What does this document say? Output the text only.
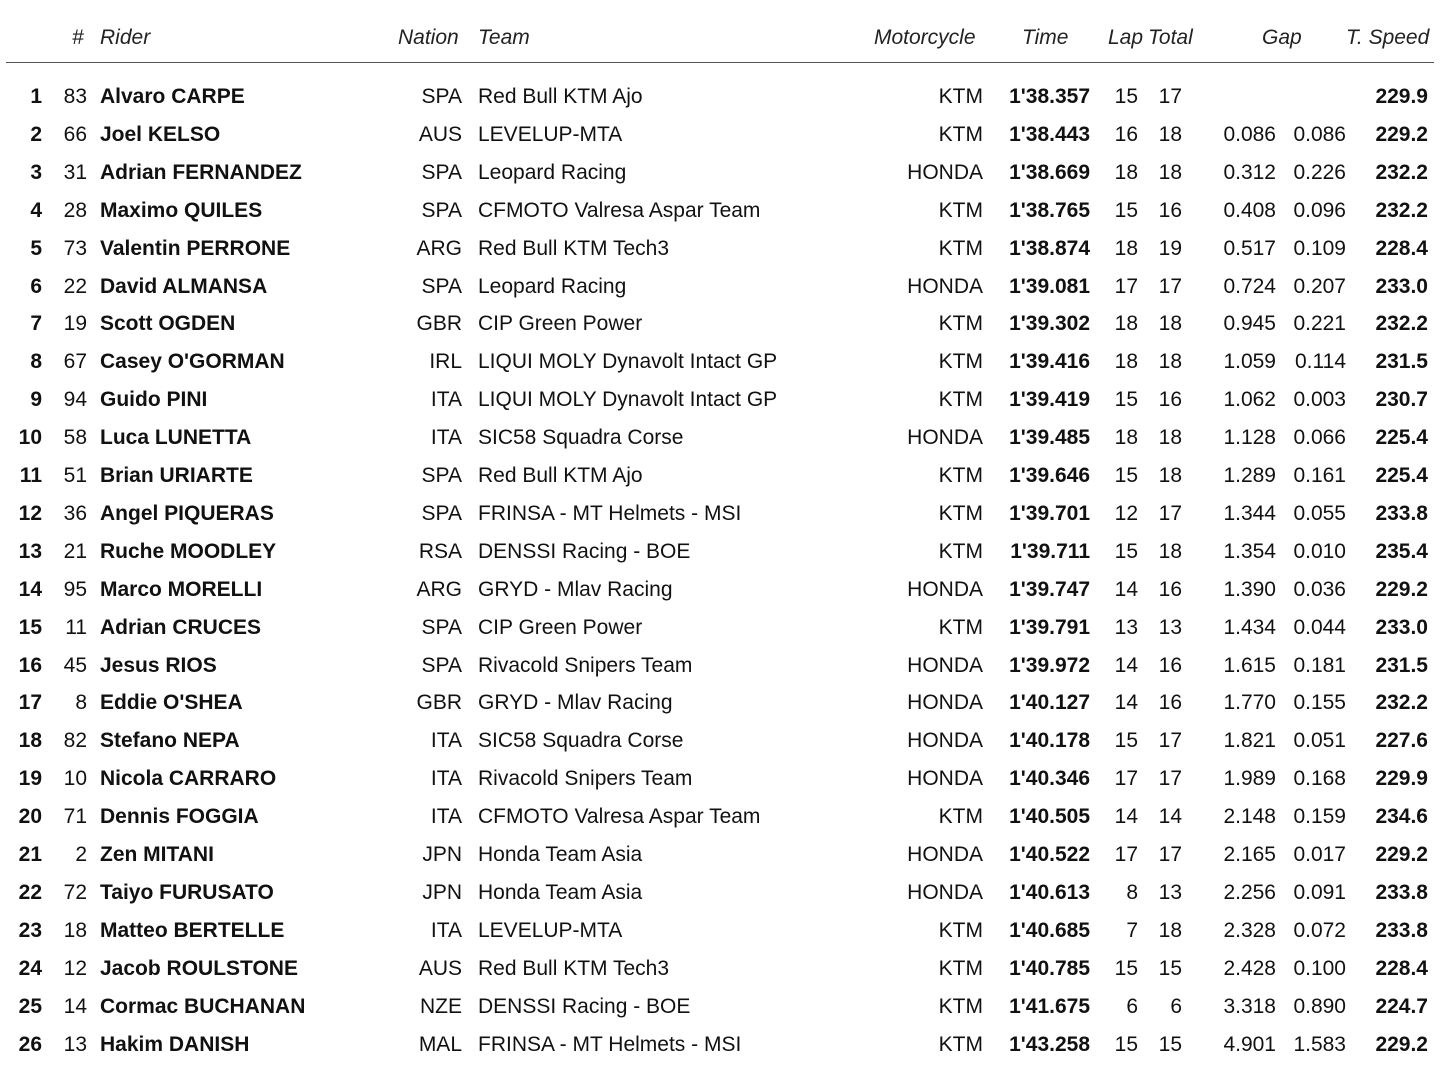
# Rider	Nation Team	Motorcycle Time Lap Total	Gap T. Speed
1 83 Alvaro CARPE	SPA Red Bull KTM Ajo	KTM 1'38.357 15 17	229.9
2 66 Joel KELSO	AUS LEVELUP-MTA	KTM 1'38.443 16 18 0.086 0.086 229.2
3 31 Adrian FERNANDEZ	SPA Leopard Racing	HONDA 1'38.669 18 18 0.312 0.226 232.2
4 28 Maximo QUILES	SPA CFMOTO Valresa Aspar Team	KTM 1'38.765 15 16 0.408 0.096 232.2
5 73 Valentin PERRONE	ARG Red Bull KTM Tech3	KTM 1'38.874 18 19 0.517 0.109 228.4
6 22 David ALMANSA	SPA Leopard Racing	HONDA 1'39.081 17 17 0.724 0.207 233.0
7 19 Scott OGDEN	GBR CIP Green Power	KTM 1'39.302 18 18 0.945 0.221 232.2
8 67 Casey O'GORMAN	IRL LIQUI MOLY Dynavolt Intact GP	KTM 1'39.416 18 18 1.059 0.114 231.5
9 94 Guido PINI	ITA LIQUI MOLY Dynavolt Intact GP	KTM 1'39.419 15 16 1.062 0.003 230.7
10 58 Luca LUNETTA	ITA SIC58 Squadra Corse	HONDA 1'39.485 18 18 1.128 0.066 225.4
11 51 Brian URIARTE	SPA Red Bull KTM Ajo	KTM 1'39.646 15 18 1.289 0.161 225.4
12 36 Angel PIQUERAS	SPA FRINSA - MT Helmets - MSI	KTM 1'39.701 12 17 1.344 0.055 233.8
13 21 Ruche MOODLEY	RSA DENSSI Racing - BOE	KTM 1'39.711 15 18 1.354 0.010 235.4
14 95 Marco MORELLI	ARG GRYD - Mlav Racing	HONDA 1'39.747 14 16 1.390 0.036 229.2
15 11 Adrian CRUCES	SPA CIP Green Power	KTM 1'39.791 13 13 1.434 0.044 233.0
16 45 Jesus RIOS	SPA Rivacold Snipers Team	HONDA 1'39.972 14 16 1.615 0.181 231.5
17 8 Eddie O'SHEA	GBR GRYD - Mlav Racing	HONDA 1'40.127 14 16 1.770 0.155 232.2
18 82 Stefano NEPA	ITA SIC58 Squadra Corse	HONDA 1'40.178 15 17 1.821 0.051 227.6
19 10 Nicola CARRARO	ITA Rivacold Snipers Team	HONDA 1'40.346 17 17 1.989 0.168 229.9
20 71 Dennis FOGGIA	ITA CFMOTO Valresa Aspar Team	KTM 1'40.505 14 14 2.148 0.159 234.6
21 2 Zen MITANI	JPN Honda Team Asia	HONDA 1'40.522 17 17 2.165 0.017 229.2
22 72 Taiyo FURUSATO	JPN Honda Team Asia	HONDA 1'40.613 8 13 2.256 0.091 233.8
23 18 Matteo BERTELLE	ITA LEVELUP-MTA	KTM 1'40.685 7 18 2.328 0.072 233.8
24 12 Jacob ROULSTONE	AUS Red Bull KTM Tech3	KTM 1'40.785 15 15 2.428 0.100 228.4
25 14 Cormac BUCHANAN	NZE DENSSI Racing - BOE	KTM 1'41.675 6 6 3.318 0.890 224.7
26 13 Hakim DANISH	MAL FRINSA - MT Helmets - MSI	KTM 1'43.258 15 15 4.901 1.583 229.2
